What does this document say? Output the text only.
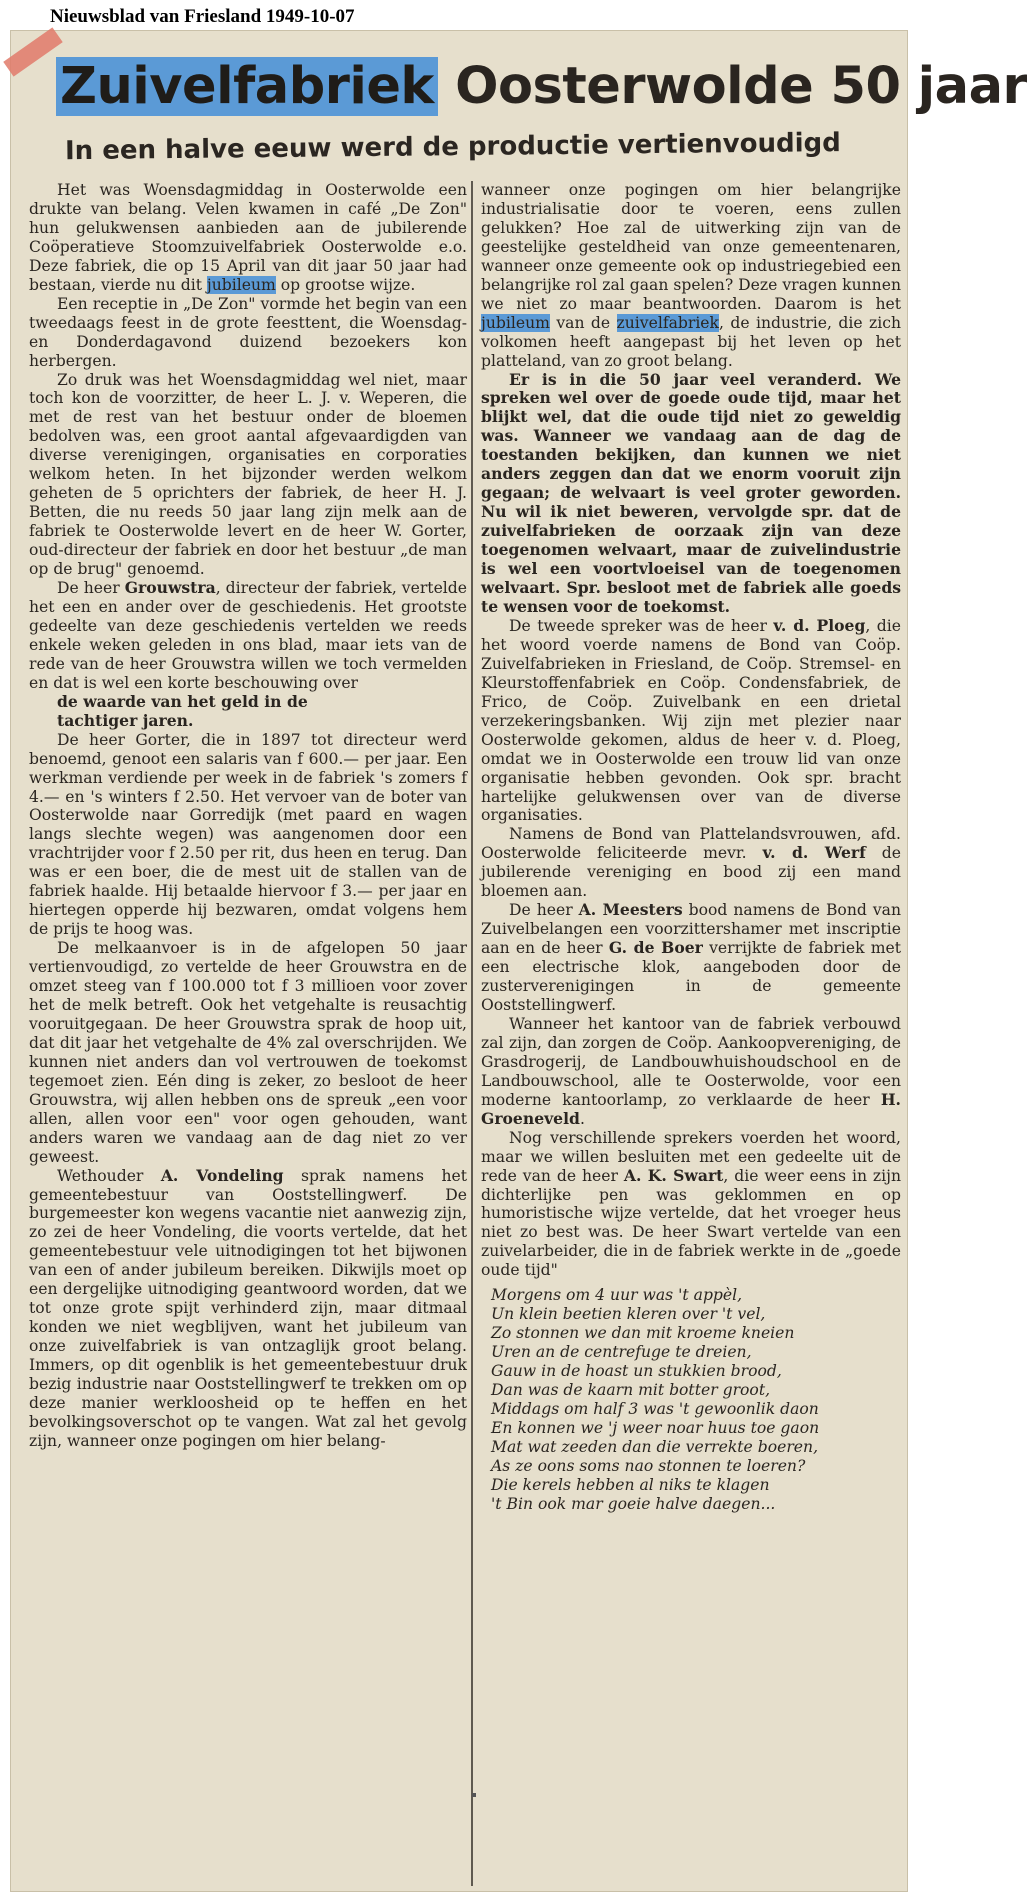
Nieuwsblad van Friesland 1949-10-07
Zuivelfabriek Oosterwolde 50 jaar
In een halve eeuw werd de productie vertienvoudigd

Het was Woensdagmiddag in Oosterwolde een drukte van belang. Velen kwamen in café „De Zon" hun gelukwensen aanbieden aan de jubilerende Coöperatieve Stoomzuivelfabriek Oosterwolde e.o. Deze fabriek, die op 15 April van dit jaar 50 jaar had bestaan, vierde nu dit jubileum op grootse wijze.

Een receptie in „De Zon" vormde het begin van een tweedaags feest in de grote feesttent, die Woensdag- en Donderdagavond duizend bezoekers kon herbergen.

Zo druk was het Woensdagmiddag wel niet, maar toch kon de voorzitter, de heer L. J. v. Weperen, die met de rest van het bestuur onder de bloemen bedolven was, een groot aantal afgevaardigden van diverse verenigingen, organisaties en corporaties welkom heten. In het bijzonder werden welkom geheten de 5 oprichters der fabriek, de heer H. J. Betten, die nu reeds 50 jaar lang zijn melk aan de fabriek te Oosterwolde levert en de heer W. Gorter, oud-directeur der fabriek en door het bestuur „de man op de brug" genoemd.

De heer Grouwstra, directeur der fabriek, vertelde het een en ander over de geschiedenis. Het grootste gedeelte van deze geschiedenis vertelden we reeds enkele weken geleden in ons blad, maar iets van de rede van de heer Grouwstra willen we toch vermelden en dat is wel een korte beschouwing over

de waarde van het geld in de
tachtiger jaren.

De heer Gorter, die in 1897 tot directeur werd benoemd, genoot een salaris van f 600.— per jaar. Een werkman verdiende per week in de fabriek 's zomers f 4.— en 's winters f 2.50. Het vervoer van de boter van Oosterwolde naar Gorredijk (met paard en wagen langs slechte wegen) was aangenomen door een vrachtrijder voor f 2.50 per rit, dus heen en terug. Dan was er een boer, die de mest uit de stallen van de fabriek haalde. Hij betaalde hiervoor f 3.— per jaar en hiertegen opperde hij bezwaren, omdat volgens hem de prijs te hoog was.

De melkaanvoer is in de afgelopen 50 jaar vertienvoudigd, zo vertelde de heer Grouwstra en de omzet steeg van f 100.000 tot f 3 millioen voor zover het de melk betreft. Ook het vetgehalte is reusachtig vooruitgegaan. De heer Grouwstra sprak de hoop uit, dat dit jaar het vetgehalte de 4% zal overschrijden. We kunnen niet anders dan vol vertrouwen de toekomst tegemoet zien. Eén ding is zeker, zo besloot de heer Grouwstra, wij allen hebben ons de spreuk „een voor allen, allen voor een" voor ogen gehouden, want anders waren we vandaag aan de dag niet zo ver geweest.

Wethouder A. Vondeling sprak namens het gemeentebestuur van Ooststellingwerf. De burgemeester kon wegens vacantie niet aanwezig zijn, zo zei de heer Vondeling, die voorts vertelde, dat het gemeentebestuur vele uitnodigingen tot het bijwonen van een of ander jubileum bereiken. Dikwijls moet op een dergelijke uitnodiging geantwoord worden, dat we tot onze grote spijt verhinderd zijn, maar ditmaal konden we niet wegblijven, want het jubileum van onze zuivelfabriek is van ontzaglijk groot belang. Immers, op dit ogenblik is het gemeentebestuur druk bezig industrie naar Ooststellingwerf te trekken om op deze manier werkloosheid op te heffen en het bevolkingsoverschot op te vangen. Wat zal het gevolg zijn, wanneer onze pogingen om hier belang-

wanneer onze pogingen om hier belangrijke industrialisatie door te voeren, eens zullen gelukken? Hoe zal de uitwerking zijn van de geestelijke gesteldheid van onze gemeentenaren, wanneer onze gemeente ook op industriegebied een belangrijke rol zal gaan spelen? Deze vragen kunnen we niet zo maar beantwoorden. Daarom is het jubileum van de zuivelfabriek, de industrie, die zich volkomen heeft aangepast bij het leven op het platteland, van zo groot belang.

Er is in die 50 jaar veel veranderd. We spreken wel over de goede oude tijd, maar het blijkt wel, dat die oude tijd niet zo geweldig was. Wanneer we vandaag aan de dag de toestanden bekijken, dan kunnen we niet anders zeggen dan dat we enorm vooruit zijn gegaan; de welvaart is veel groter geworden. Nu wil ik niet beweren, vervolgde spr. dat de zuivelfabrieken de oorzaak zijn van deze toegenomen welvaart, maar de zuivelindustrie is wel een voortvloeisel van de toegenomen welvaart. Spr. besloot met de fabriek alle goeds te wensen voor de toekomst.

De tweede spreker was de heer v. d. Ploeg, die het woord voerde namens de Bond van Coöp. Zuivelfabrieken in Friesland, de Coöp. Stremsel- en Kleurstoffenfabriek en Coöp. Condensfabriek, de Frico, de Coöp. Zuivelbank en een drietal verzekeringsbanken. Wij zijn met plezier naar Oosterwolde gekomen, aldus de heer v. d. Ploeg, omdat we in Oosterwolde een trouw lid van onze organisatie hebben gevonden. Ook spr. bracht hartelijke gelukwensen over van de diverse organisaties.

Namens de Bond van Plattelandsvrouwen, afd. Oosterwolde feliciteerde mevr. v. d. Werf de jubilerende vereniging en bood zij een mand bloemen aan.

De heer A. Meesters bood namens de Bond van Zuivelbelangen een voorzittershamer met inscriptie aan en de heer G. de Boer verrijkte de fabriek met een electrische klok, aangeboden door de zusterverenigingen in de gemeente Ooststellingwerf.

Wanneer het kantoor van de fabriek verbouwd zal zijn, dan zorgen de Coöp. Aankoopvereniging, de Grasdrogerij, de Landbouwhuishoudschool en de Landbouwschool, alle te Oosterwolde, voor een moderne kantoorlamp, zo verklaarde de heer H. Groeneveld.

Nog verschillende sprekers voerden het woord, maar we willen besluiten met een gedeelte uit de rede van de heer A. K. Swart, die weer eens in zijn dichterlijke pen was geklommen en op humoristische wijze vertelde, dat het vroeger heus niet zo best was. De heer Swart vertelde van een zuivelarbeider, die in de fabriek werkte in de „goede oude tijd"

Morgens om 4 uur was 't appèl,
Un klein beetien kleren over 't vel,
Zo stonnen we dan mit kroeme kneien
Uren an de centrefuge te dreien,
Gauw in de hoast un stukkien brood,
Dan was de kaarn mit botter groot,
Middags om half 3 was 't gewoonlik daon
En konnen we 'j weer noar huus toe gaon
Mat wat zeeden dan die verrekte boeren,
As ze oons soms nao stonnen te loeren?
Die kerels hebben al niks te klagen
't Bin ook mar goeie halve daegen...
